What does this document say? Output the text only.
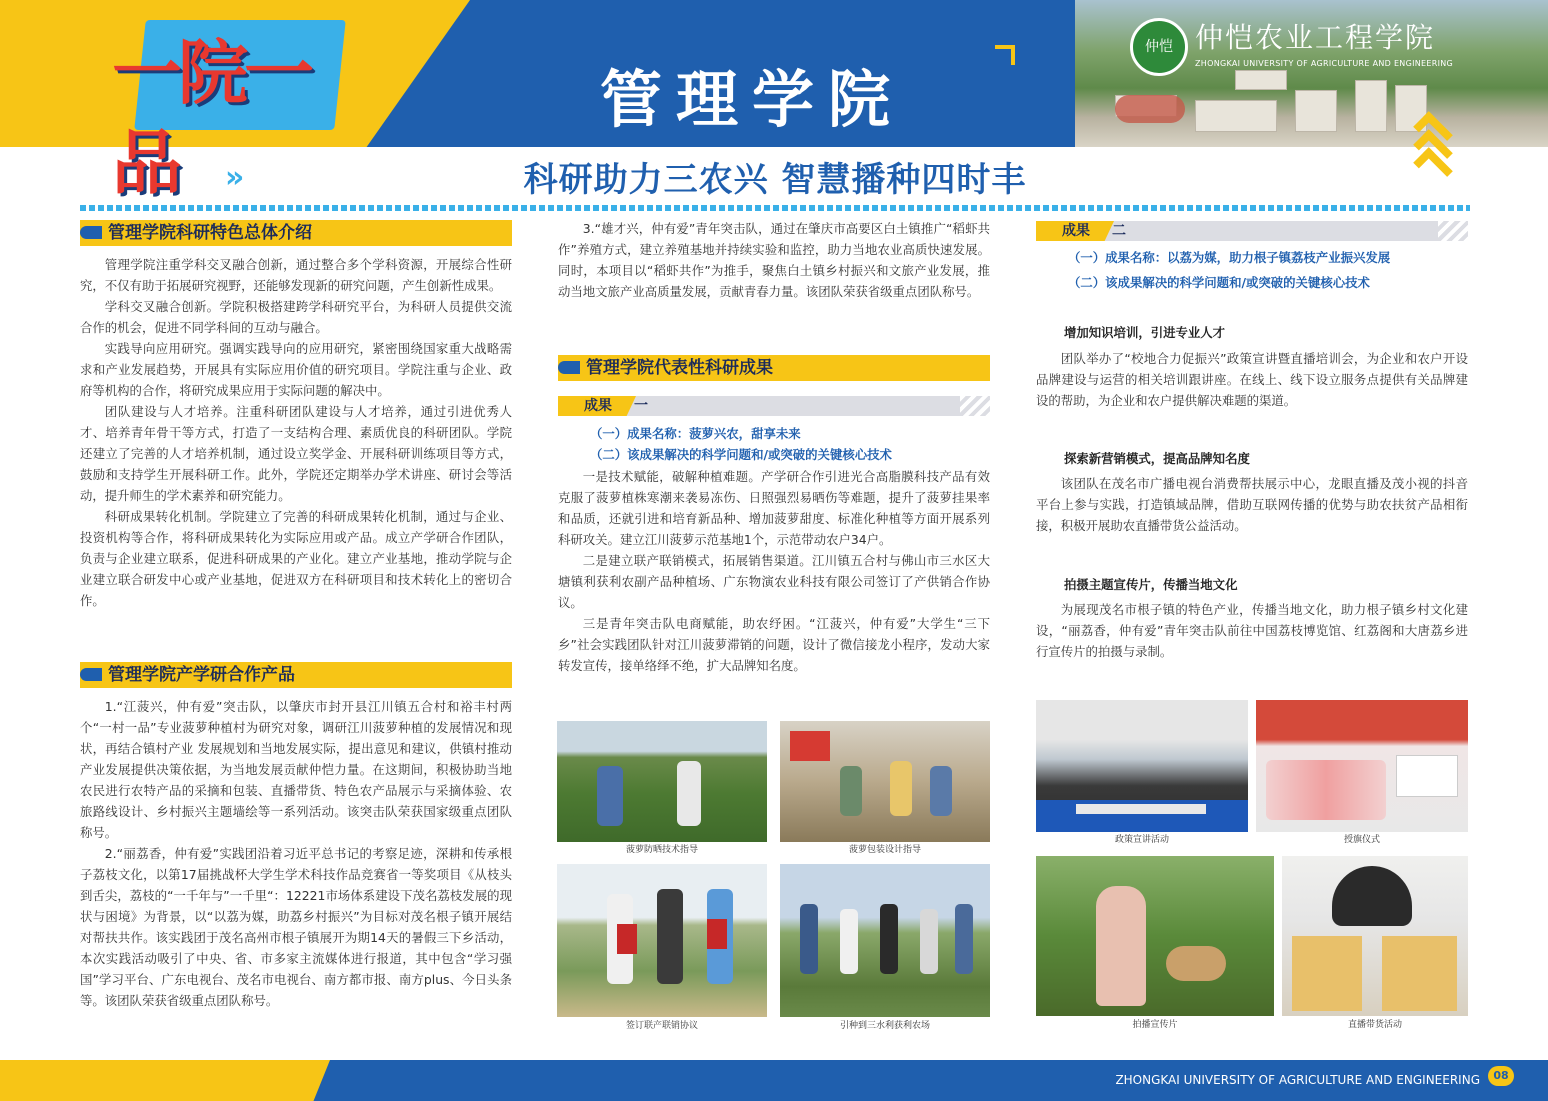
一院一品
管理学院
仲恺 仲恺农业工程学院
ZHONGKAI UNIVERSITY OF AGRICULTURE AND ENGINEERING
»	科研助力三农兴 智慧播种四时丰
管理学院科研特色总体介绍

管理学院注重学科交叉融合创新，通过整合多个学科资源，开展综合性研究，不仅有助于拓展研究视野，还能够发现新的研究问题，产生创新性成果。

学科交叉融合创新。学院积极搭建跨学科研究平台，为科研人员提供交流合作的机会，促进不同学科间的互动与融合。

实践导向应用研究。强调实践导向的应用研究，紧密围绕国家重大战略需求和产业发展趋势，开展具有实际应用价值的研究项目。学院注重与企业、政府等机构的合作，将研究成果应用于实际问题的解决中。

团队建设与人才培养。注重科研团队建设与人才培养，通过引进优秀人才、培养青年骨干等方式，打造了一支结构合理、素质优良的科研团队。学院还建立了完善的人才培养机制，通过设立奖学金、开展科研训练项目等方式，鼓励和支持学生开展科研工作。此外，学院还定期举办学术讲座、研讨会等活动，提升师生的学术素养和研究能力。

科研成果转化机制。学院建立了完善的科研成果转化机制，通过与企业、投资机构等合作，将科研成果转化为实际应用或产品。成立产学研合作团队，负责与企业建立联系，促进科研成果的产业化。建立产业基地，推动学院与企业建立联合研发中心或产业基地，促进双方在科研项目和技术转化上的密切合作。

管理学院产学研合作产品

1.“江菠兴，仲有爱”突击队，以肇庆市封开县江川镇五合村和裕丰村两个“一村一品”专业菠萝种植村为研究对象，调研江川菠萝种植的发展情况和现状，再结合镇村产业 发展规划和当地发展实际，提出意见和建议，供镇村推动产业发展提供决策依据，为当地发展贡献仲恺力量。在这期间，积极协助当地农民进行农特产品的采摘和包装、直播带货、特色农产品展示与采摘体验、农旅路线设计、乡村振兴主题墙绘等一系列活动。该突击队荣获国家级重点团队称号。

2.“丽荔香，仲有爱”实践团沿着习近平总书记的考察足迹，深耕和传承根子荔枝文化，以第17届挑战杯大学生学术科技作品竞赛省一等奖项目《从枝头到舌尖，荔枝的“一千年与”一千里“：12221市场体系建设下茂名荔枝发展的现状与困境》为背景，以“以荔为媒，助荔乡村振兴”为目标对茂名根子镇开展结对帮扶共作。该实践团于茂名高州市根子镇展开为期14天的暑假三下乡活动，本次实践活动吸引了中央、省、市多家主流媒体进行报道，其中包含“学习强国”学习平台、广东电视台、茂名市电视台、南方都市报、南方plus、今日头条等。该团队荣获省级重点团队称号。

3.“雄才兴，仲有爱”青年突击队，通过在肇庆市高要区白土镇推广“稻虾共作”养殖方式，建立养殖基地并持续实验和监控，助力当地农业高质快速发展。同时，本项目以“稻虾共作”为推手，聚焦白土镇乡村振兴和文旅产业发展，推动当地文旅产业高质量发展，贡献青春力量。该团队荣获省级重点团队称号。

管理学院代表性科研成果
成果 一
（一）成果名称：菠萝兴农，甜享未来
（二）该成果解决的科学问题和/或突破的关键核心技术

一是技术赋能，破解种植难题。产学研合作引进光合高脂膜科技产品有效克服了菠萝植株寒潮来袭易冻伤、日照强烈易晒伤等难题，提升了菠萝挂果率和品质，还就引进和培育新品种、增加菠萝甜度、标准化种植等方面开展系列科研攻关。建立江川菠萝示范基地1个，示范带动农户34户。

二是建立联产联销模式，拓展销售渠道。江川镇五合村与佛山市三水区大塘镇利获利农副产品种植场、广东物演农业科技有限公司签订了产供销合作协议。

三是青年突击队电商赋能，助农纾困。“江菠兴，仲有爱”大学生“三下乡”社会实践团队针对江川菠萝滞销的问题，设计了微信接龙小程序，发动大家转发宣传，接单络绎不绝，扩大品牌知名度。

菠萝防晒技术指导	菠萝包装设计指导
签订联产联销协议	引种到三水利获利农场
成果 二
（一）成果名称：以荔为媒，助力根子镇荔枝产业振兴发展
（二）该成果解决的科学问题和/或突破的关键核心技术
增加知识培训，引进专业人才

团队举办了“校地合力促振兴”政策宣讲暨直播培训会，为企业和农户开设品牌建设与运营的相关培训跟讲座。在线上、线下设立服务点提供有关品牌建设的帮助，为企业和农户提供解决难题的渠道。

探索新营销模式，提高品牌知名度

该团队在茂名市广播电视台消费帮扶展示中心，龙眼直播及茂小视的抖音平台上参与实践，打造镇域品牌，借助互联网传播的优势与助农扶贫产品相衔接，积极开展助农直播带货公益活动。

拍摄主题宣传片，传播当地文化

为展现茂名市根子镇的特色产业，传播当地文化，助力根子镇乡村文化建设，“丽荔香，仲有爱”青年突击队前往中国荔枝博览馆、红荔阁和大唐荔乡进行宣传片的拍摄与录制。

政策宣讲活动	授旗仪式
拍播宣传片	直播带货活动
ZHONGKAI UNIVERSITY OF AGRICULTURE AND ENGINEERING	08
